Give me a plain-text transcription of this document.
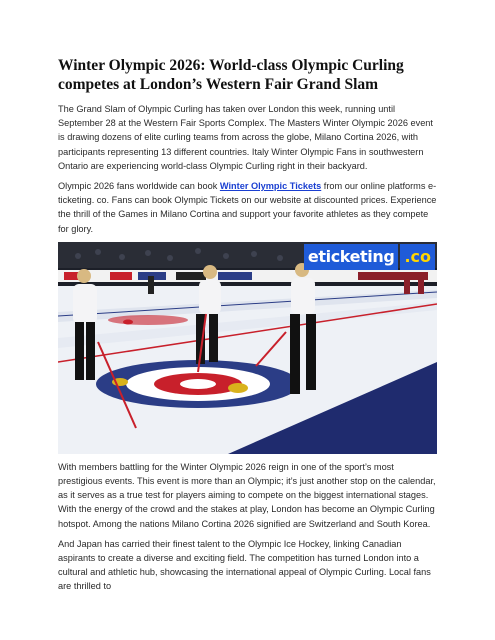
Winter Olympic 2026: World-class Olympic Curling competes at London’s Western Fair Grand Slam

The Grand Slam of Olympic Curling has taken over London this week, running until September 28 at the Western Fair Sports Complex. The Masters Winter Olympic 2026 event is drawing dozens of elite curling teams from across the globe, Milano Cortina 2026, with participants representing 13 different countries. Italy Winter Olympic Fans in southwestern Ontario are experiencing world-class Olympic Curling right in their backyard.

Olympic 2026 fans worldwide can book Winter Olympic Tickets from our online platforms e-ticketing. co. Fans can book Olympic Tickets on our website at discounted prices. Experience the thrill of the Games in Milano Cortina and support your favorite athletes as they compete for glory.

eticketing .co

With members battling for the Winter Olympic 2026 reign in one of the sport’s most prestigious events. This event is more than an Olympic; it’s just another stop on the calendar, as it serves as a true test for players aiming to compete on the biggest international stages. With the energy of the crowd and the stakes at play, London has become an Olympic Curling hotspot. Among the nations Milano Cortina 2026 signified are Switzerland and South Korea.

And Japan has carried their finest talent to the Olympic Ice Hockey, linking Canadian aspirants to create a diverse and exciting field. The competition has turned London into a cultural and athletic hub, showcasing the international appeal of Olympic Curling. Local fans are thrilled to
